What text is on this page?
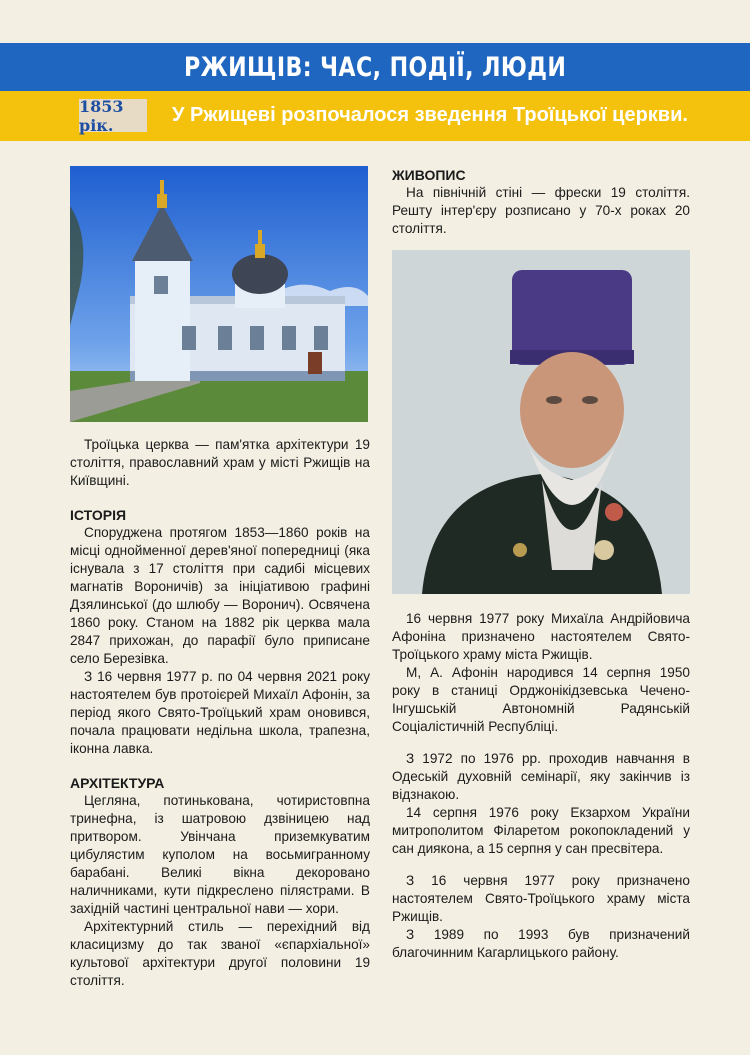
РЖИЩІВ: ЧАС, ПОДІЇ, ЛЮДИ
1853 рік.	У Ржищеві розпочалося зведення Троїцької церкви.

Троїцька церква — пам'ятка архітектури 19 століття, православний храм у місті Ржищів на Київщині.

ІСТОРІЯ

Споруджена протягом 1853—1860 років на місці однойменної дерев'яної попередниці (яка існувала з 17 століття при садибі місцевих магнатів Вороничів) за ініціативою графині Дзялинської (до шлюбу — Воронич). Освячена 1860 року. Станом на 1882 рік церква мала 2847 прихожан, до парафії було приписане село Березівка.

З 16 червня 1977 р. по 04 червня 2021 року настоятелем був протоієрей Михаїл Афонін, за період якого Свято-Троїцький храм оновився, почала працювати недільна школа, трапезна, іконна лавка.

АРХІТЕКТУРА

Цегляна, потинькована, чотиристовпна тринефна, із шатровою дзвіницею над притвором. Увінчана приземкуватим цибулястим куполом на восьмигранному барабані. Великі вікна декоровано наличниками, кути підкреслено пілястрами. В західній частині центральної нави — хори.

Архітектурний стиль — перехідний від класицизму до так званої «єпархіальної» культової архітектури другої половини 19 століття.

ЖИВОПИС

На північній стіні — фрески 19 століття. Решту інтер'єру розписано у 70-х роках 20 століття.

16 червня 1977 року Михаїла Андрійовича Афоніна призначено настоятелем Свято-Троїцького храму міста Ржищів.

М, А. Афонін народився 14 серпня 1950 року в станиці Орджонікідзевська Чечено-Інгушській Автономній Радянській Соціалістичній Республіці.

З 1972 по 1976 рр. проходив навчання в Одеській духовній семінарії, яку закінчив із відзнакою.

14 серпня 1976 року Екзархом України митрополитом Філаретом рокопокладений у сан диякона, а 15 серпня у сан пресвітера.

З 16 червня 1977 року призначено настоятелем Свято-Троїцького храму міста Ржищів.

З 1989 по 1993 був призначений благочинним Кагарлицького району.
